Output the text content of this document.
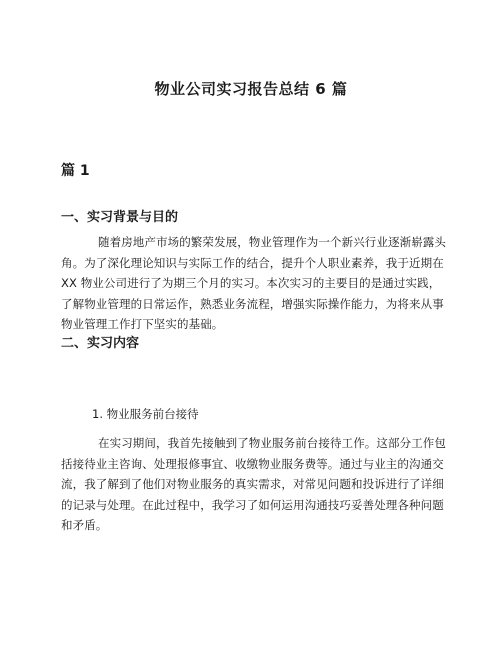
物业公司实习报告总结 6 篇
篇 1
一、实习背景与目的

随着房地产市场的繁荣发展，物业管理作为一个新兴行业逐渐崭露头角。为了深化理论知识与实际工作的结合，提升个人职业素养，我于近期在 XX 物业公司进行了为期三个月的实习。本次实习的主要目的是通过实践，了解物业管理的日常运作，熟悉业务流程，增强实际操作能力，为将来从事物业管理工作打下坚实的基础。

二、实习内容

1. 物业服务前台接待

在实习期间，我首先接触到了物业服务前台接待工作。这部分工作包括接待业主咨询、处理报修事宜、收缴物业服务费等。通过与业主的沟通交流，我了解到了他们对物业服务的真实需求，对常见问题和投诉进行了详细的记录与处理。在此过程中，我学习了如何运用沟通技巧妥善处理各种问题和矛盾。
